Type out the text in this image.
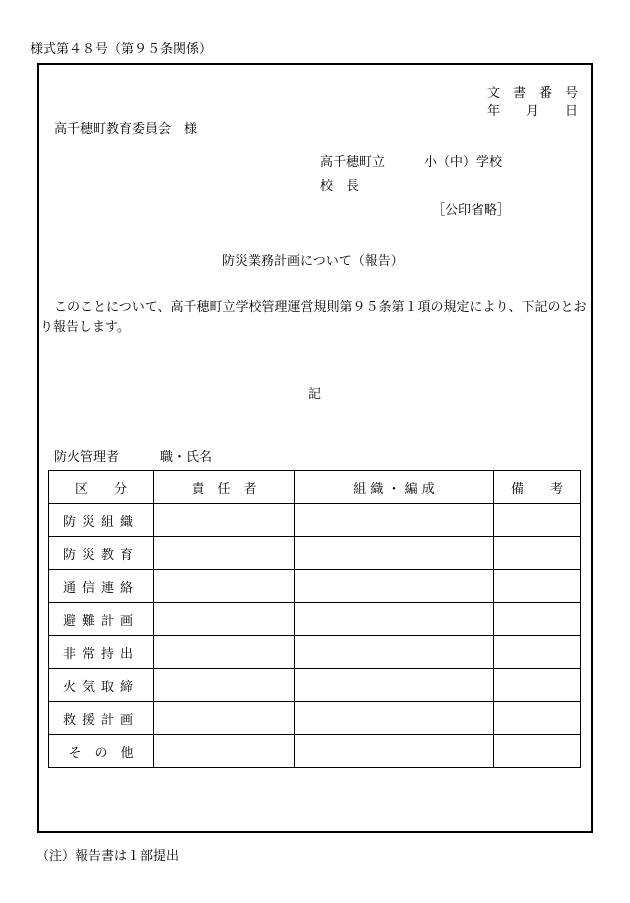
様式第４８号（第９５条関係）
文　書　番　号
年　　月　　日
高千穂町教育委員会　様
高千穂町立　　　小（中）学校
校　長
［公印省略］
防災業務計画について（報告）
このことについて、高千穂町立学校管理運営規則第９５条第１項の規定により、下記のとおり報告します。
記
防火管理者	職・氏名
区　　分	責　任　者	組 織 ・ 編 成	備　　考
防災組織			
防災教育			
通信連絡			
避難計画			
非常持出			
火気取締			
救援計画			
そ　の　他			
（注）報告書は１部提出
